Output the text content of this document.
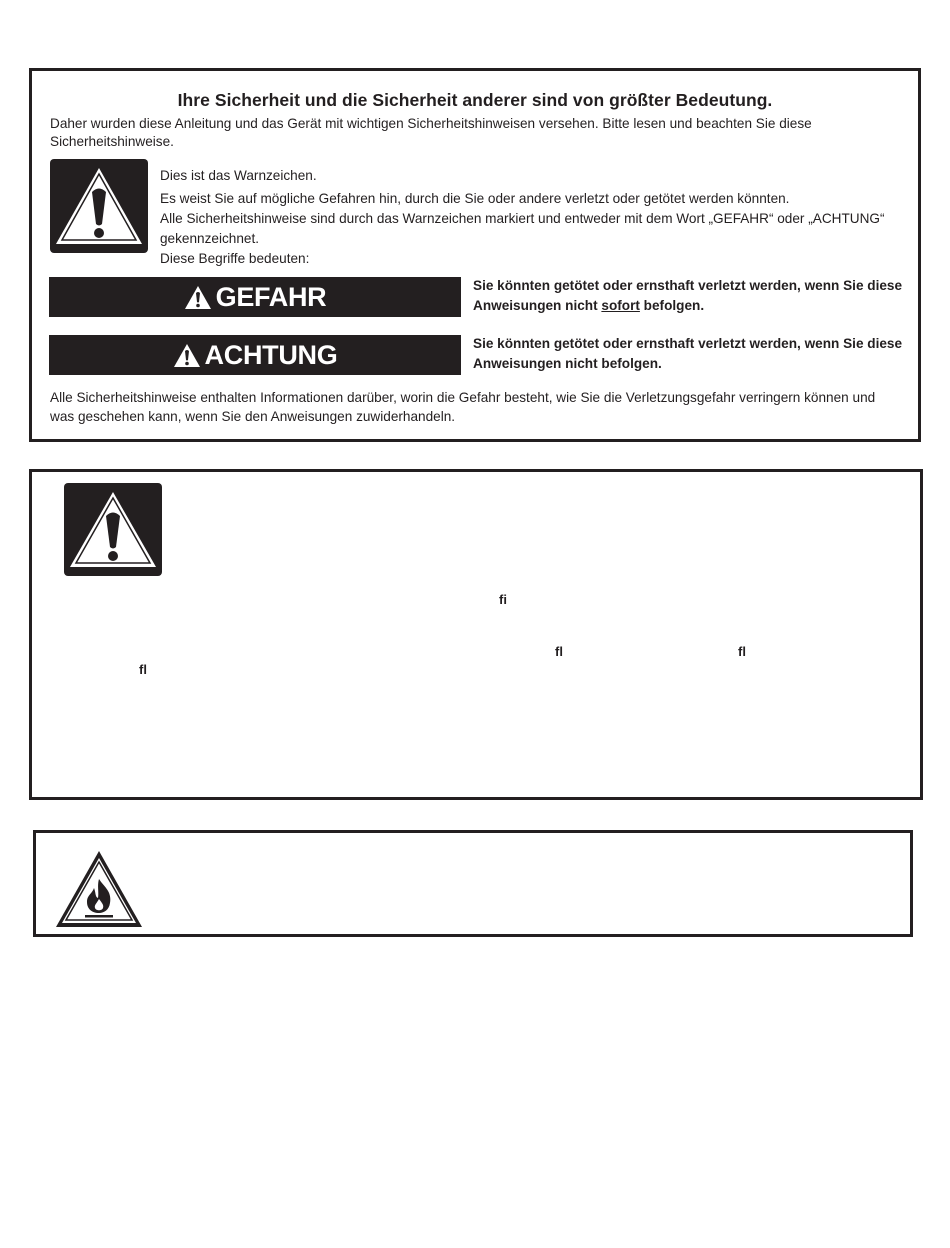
Ihre Sicherheit und die Sicherheit anderer sind von größter Bedeutung.
Daher wurden diese Anleitung und das Gerät mit wichtigen Sicherheitshinweisen versehen. Bitte lesen und beachten Sie diese Sicherheitshinweise.

Dies ist das Warnzeichen.

Es weist Sie auf mögliche Gefahren hin, durch die Sie oder andere verletzt oder getötet werden könnten.

Alle Sicherheitshinweise sind durch das Warnzeichen markiert und entweder mit dem Wort „GEFAHR“ oder „ACHTUNG“ gekennzeichnet.

Diese Begriffe bedeuten:

GEFAHR	Sie könnten getötet oder ernsthaft verletzt werden, wenn Sie diese Anweisungen nicht sofort befolgen.
ACHTUNG	Sie könnten getötet oder ernsthaft verletzt werden, wenn Sie diese Anweisungen nicht befolgen.
Alle Sicherheitshinweise enthalten Informationen darüber, worin die Gefahr besteht, wie Sie die Verletzungsgefahr verringern können und was geschehen kann, wenn Sie den Anweisungen zuwiderhandeln.
fi
fl	fl
fl
